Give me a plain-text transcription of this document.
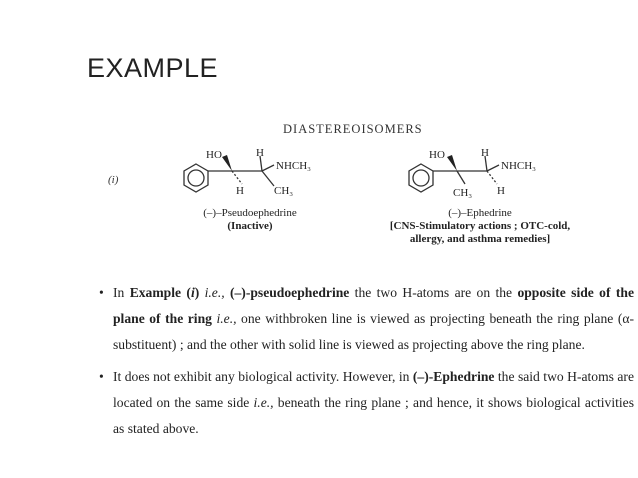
EXAMPLE
DIASTEREOISOMERS
(i)
HO	H
NHCH₃
H	CH₃
(–)–Pseudoephedrine
(Inactive)
HO	H
NHCH₃
CH₃ H
(–)–Ephedrine
[CNS-Stimulatory actions ; OTC-cold,
allergy, and asthma remedies]
• In Example (i) i.e., (–)-pseudoephedrine the two H-atoms are on the opposite side of the plane of the ring i.e., one withbroken line is viewed as projecting beneath the ring plane (α-substituent) ; and the other with solid line is viewed as projecting above the ring plane.
• It does not exhibit any biological activity. However, in (–)-Ephedrine the said two H-atoms are located on the same side i.e., beneath the ring plane ; and hence, it shows biological activities as stated above.
